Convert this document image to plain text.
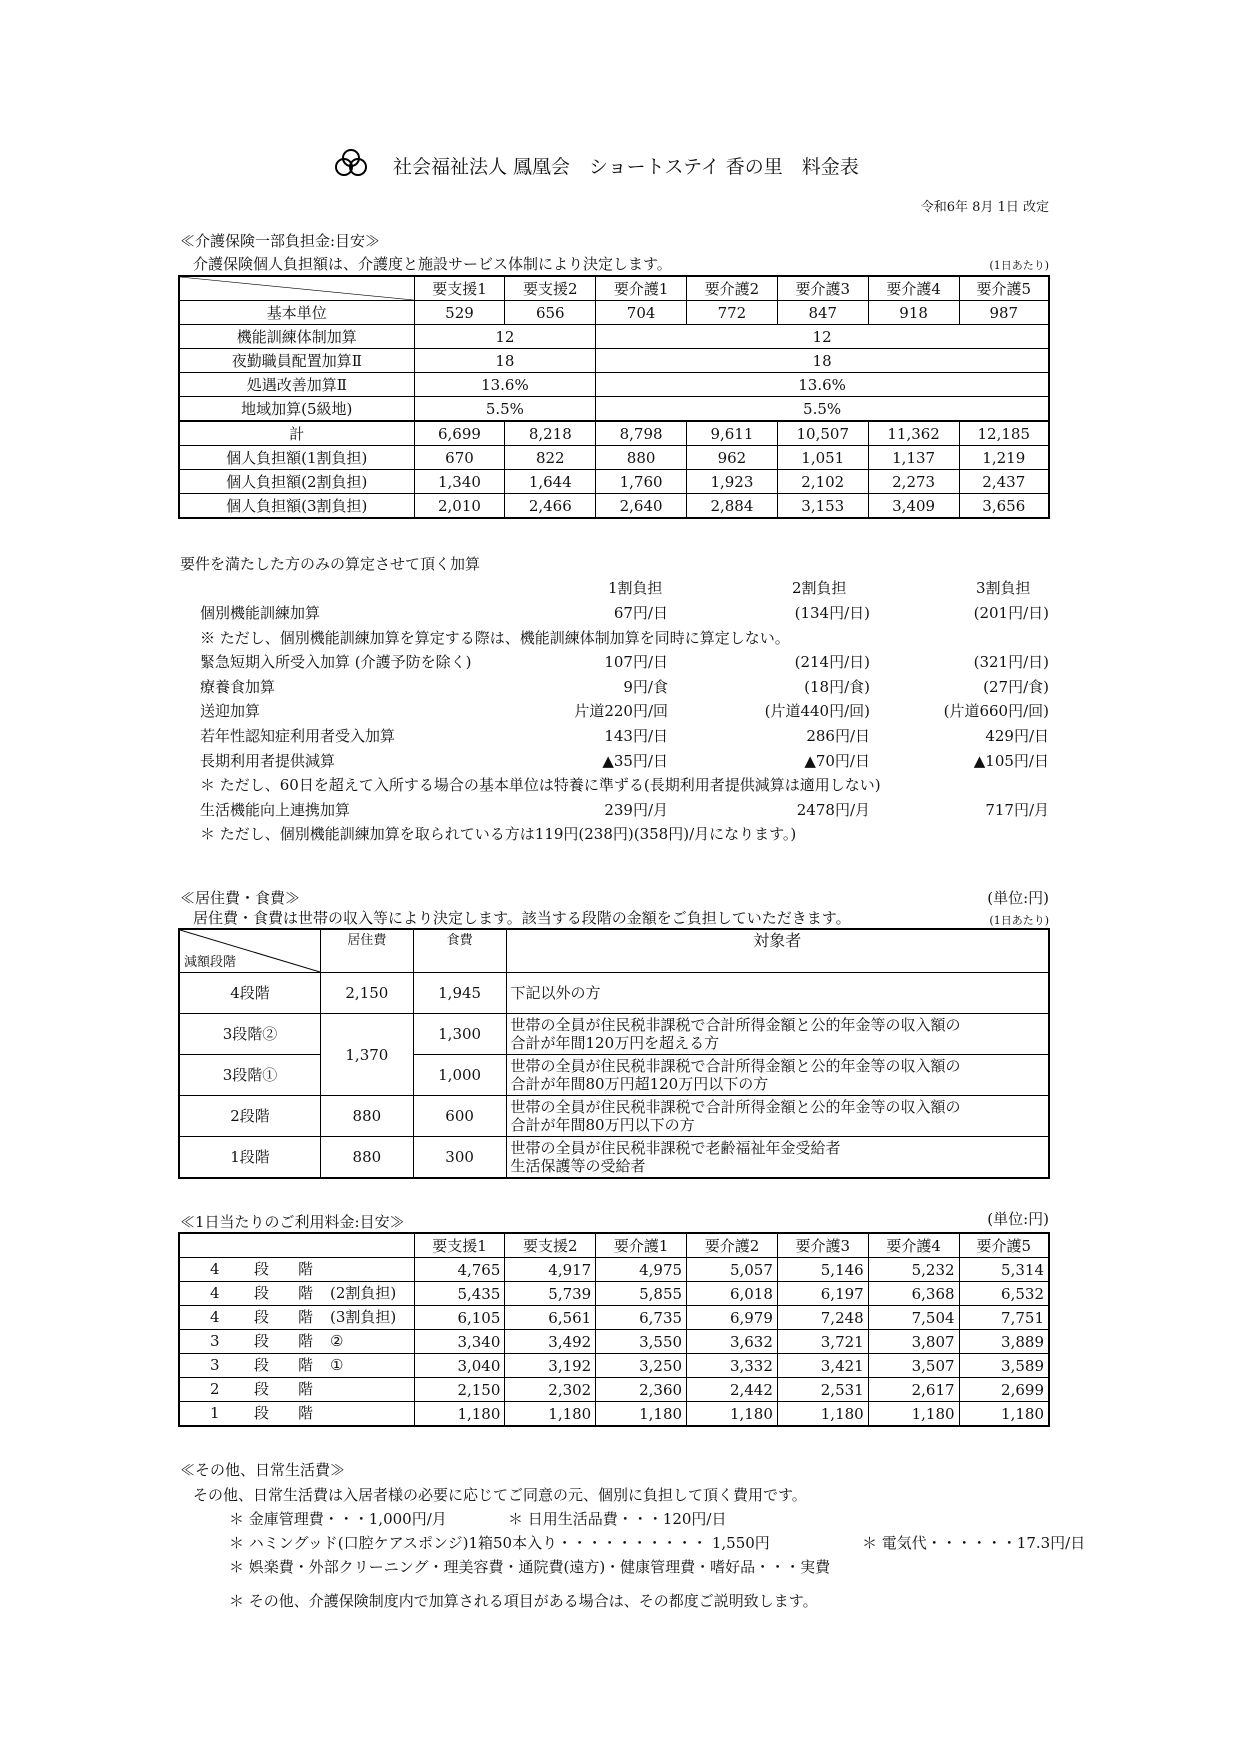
社会福祉法人 鳳凰会　ショートステイ 香の里　料金表
令和6年 8月 1日 改定
≪介護保険一部負担金:目安≫
介護保険個人負担額は、介護度と施設サービス体制により決定します。	(1日あたり)
	要支援1	要支援2	要介護1	要介護2	要介護3	要介護4	要介護5
基本単位	529	656	704	772	847	918	987
機能訓練体制加算	12		12				
夜勤職員配置加算Ⅱ	18		18				
処遇改善加算Ⅱ	13.6%		13.6%				
地域加算(5級地)	5.5%		5.5%				
計	6,699	8,218	8,798	9,611	10,507	11,362	12,185
個人負担額(1割負担)	670	822	880	962	1,051	1,137	1,219
個人負担額(2割負担)	1,340	1,644	1,760	1,923	2,102	2,273	2,437
個人負担額(3割負担)	2,010	2,466	2,640	2,884	3,153	3,409	3,656
要件を満たした方のみの算定させて頂く加算
1割負担	2割負担	3割負担
個別機能訓練加算	67円/日	(134円/日)	(201円/日)
※ ただし、個別機能訓練加算を算定する際は、機能訓練体制加算を同時に算定しない。
緊急短期入所受入加算 (介護予防を除く)	107円/日	(214円/日)	(321円/日)
療養食加算	9円/食	(18円/食)	(27円/食)
送迎加算	片道220円/回	(片道440円/回)	(片道660円/回)
若年性認知症利用者受入加算	143円/日	286円/日	429円/日
長期利用者提供減算	▲35円/日	▲70円/日	▲105円/日
＊ ただし、60日を超えて入所する場合の基本単位は特養に準ずる(長期利用者提供減算は適用しない)
生活機能向上連携加算	239円/月	2478円/月	717円/月
＊ ただし、個別機能訓練加算を取られている方は119円(238円)(358円)/月になります。)
≪居住費・食費≫	(単位:円)
居住費・食費は世帯の収入等により決定します。該当する段階の金額をご負担していただきます。	(1日あたり)
減額段階	居住費	食費	対象者
4段階	2,150	1,945	下記以外の方
3段階②	1,370	1,300	世帯の全員が住民税非課税で合計所得金額と公的年金等の収入額の
合計が年間120万円を超える方
3段階①		1,000	世帯の全員が住民税非課税で合計所得金額と公的年金等の収入額の
合計が年間80万円超120万円以下の方
2段階	880	600	世帯の全員が住民税非課税で合計所得金額と公的年金等の収入額の
合計が年間80万円以下の方
1段階	880	300	世帯の全員が住民税非課税で老齢福祉年金受給者
生活保護等の受給者
≪1日当たりのご利用料金:目安≫	(単位:円)
	要支援1	要支援2	要介護1	要介護2	要介護3	要介護4	要介護5

4 段 階	4,765	4,917	4,975	5,057	5,146	5,232	5,314

4 段 階 (2割負担)	5,435	5,739	5,855	6,018	6,197	6,368	6,532

4 段 階 (3割負担)	6,105	6,561	6,735	6,979	7,248	7,504	7,751

3 段 階 ②	3,340	3,492	3,550	3,632	3,721	3,807	3,889

3 段 階 ①	3,040	3,192	3,250	3,332	3,421	3,507	3,589

2 段 階	2,150	2,302	2,360	2,442	2,531	2,617	2,699

1 段 階	1,180	1,180	1,180	1,180	1,180	1,180	1,180
≪その他、日常生活費≫
その他、日常生活費は入居者様の必要に応じてご同意の元、個別に負担して頂く費用です。
＊ 金庫管理費・・・1,000円/月	＊ 日用生活品費・・・120円/日
＊ ハミングッド(口腔ケアスポンジ)1箱50本入り・・・・・・・・・・ 1,550円	＊ 電気代・・・・・・17.3円/日
＊ 娯楽費・外部クリーニング・理美容費・通院費(遠方)・健康管理費・嗜好品・・・実費
＊ その他、介護保険制度内で加算される項目がある場合は、その都度ご説明致します。
